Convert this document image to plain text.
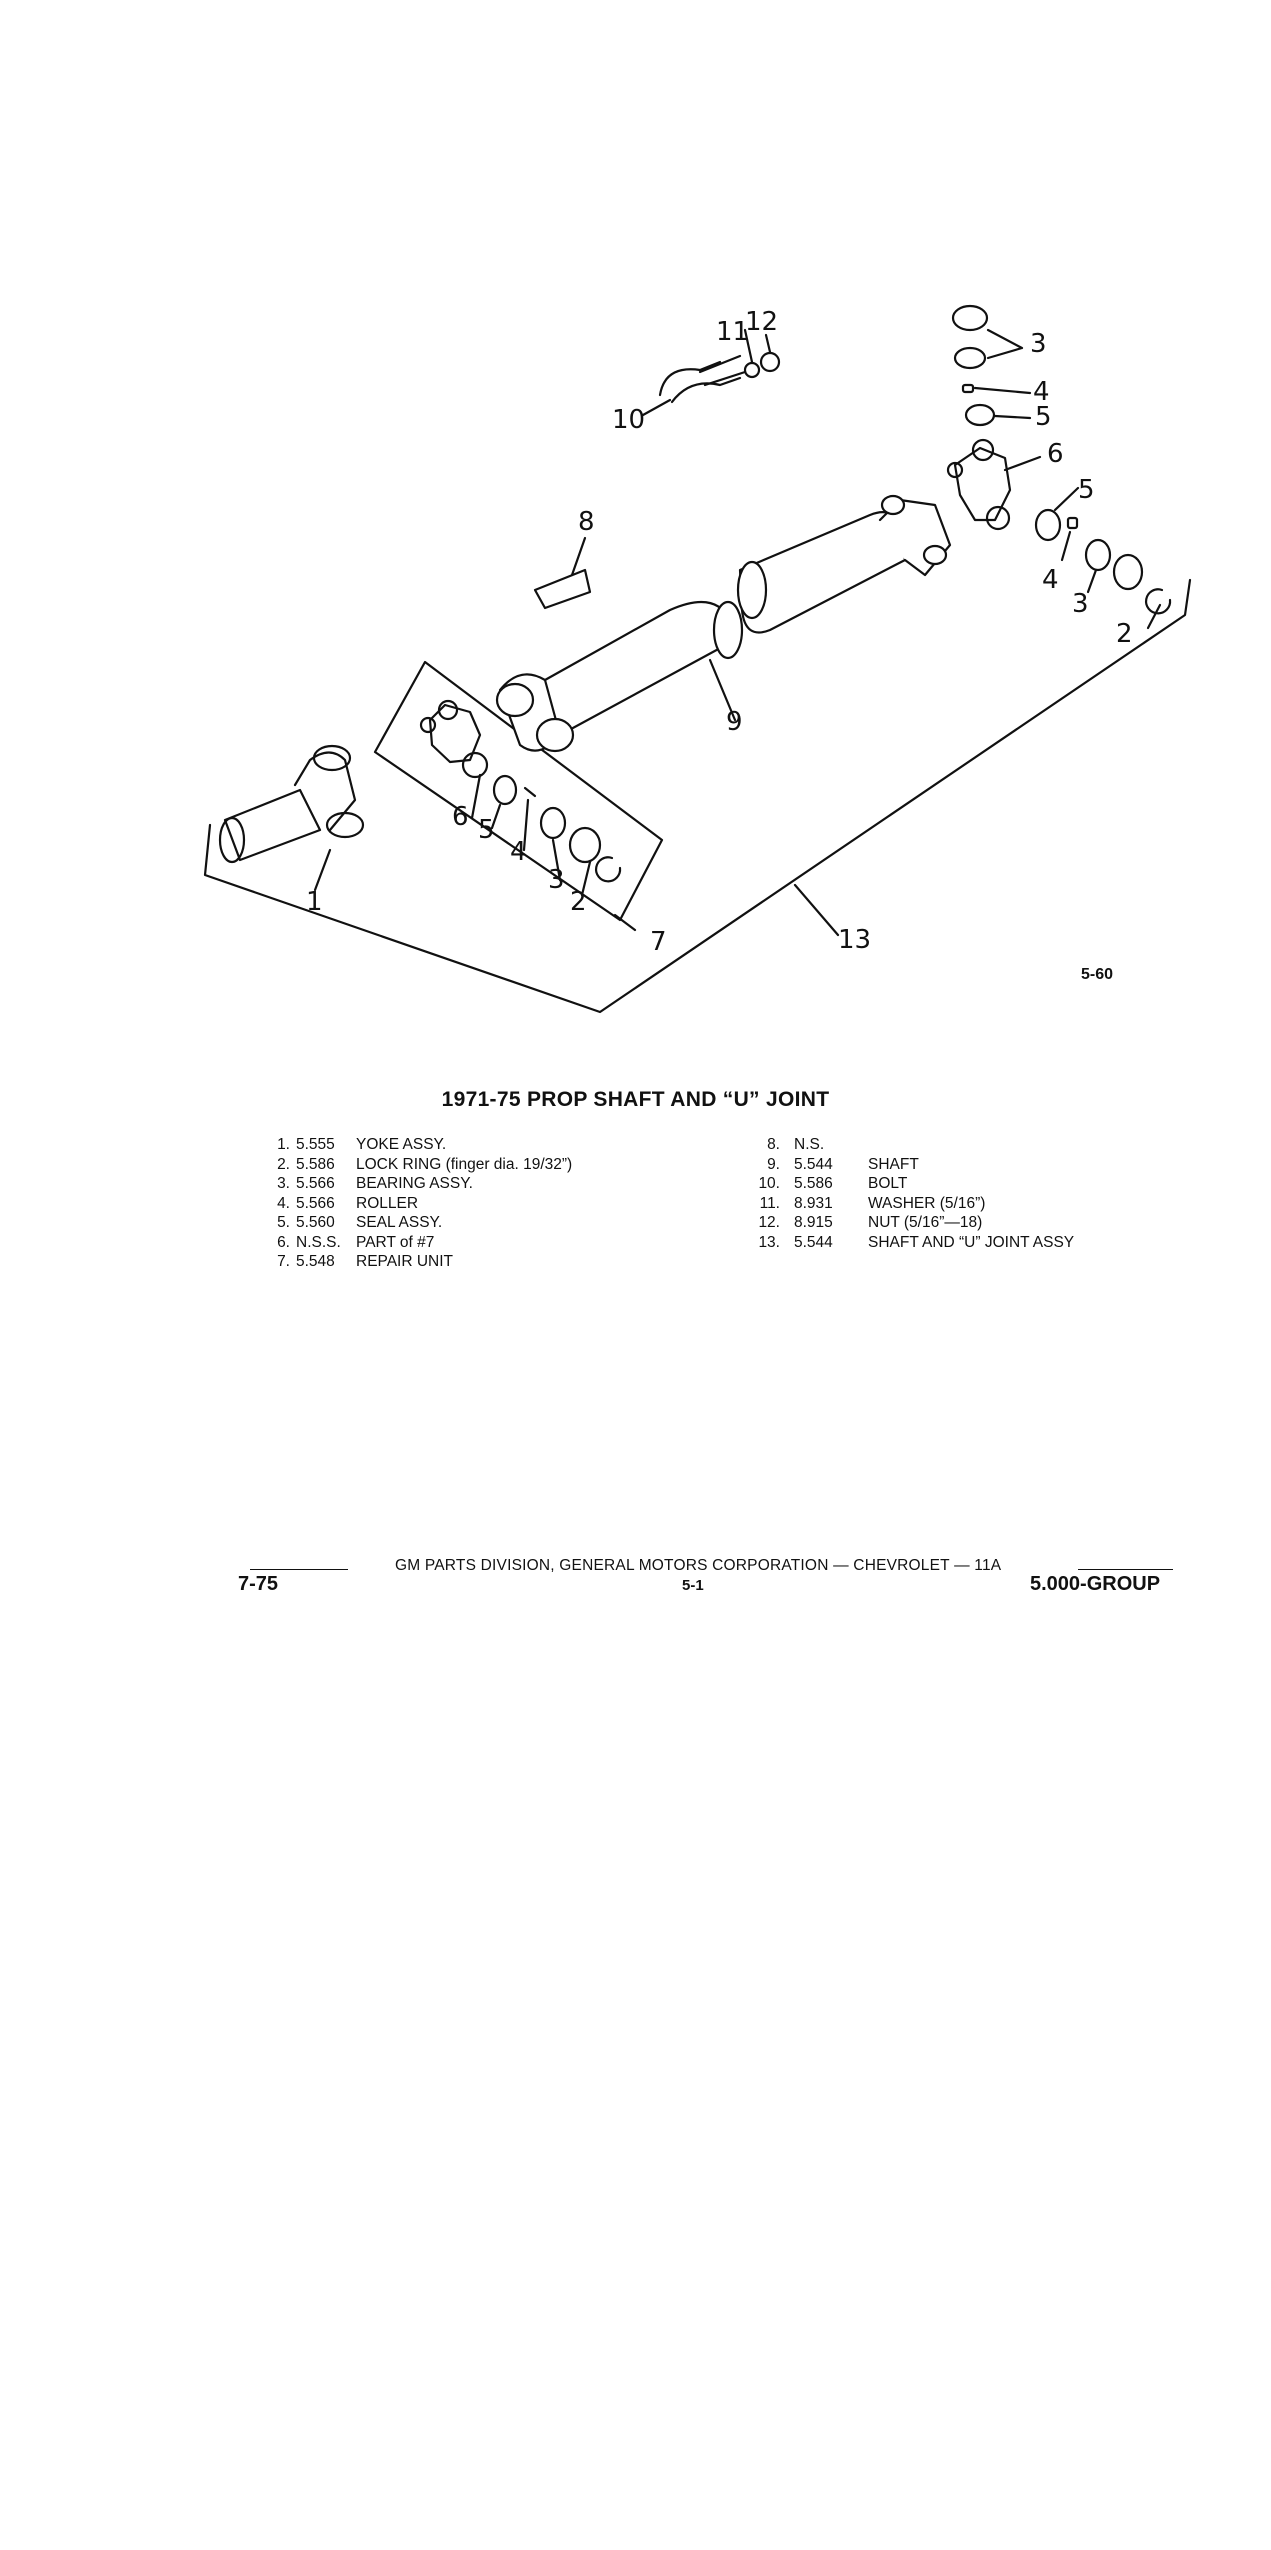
1
7	13
9
8
10
11
12
3
4
5
6
5
4
3
2
6 5
4
3
2
5-60
1971-75 PROP SHAFT AND “U” JOINT
1. 5.555 YOKE ASSY.
2. 5.586 LOCK RING (finger dia. 19/32”)
3. 5.566 BEARING ASSY.
4. 5.566 ROLLER
5. 5.560 SEAL ASSY.
6. N.S.S. PART of #7
7. 5.548 REPAIR UNIT
8. N.S.
9. 5.544 SHAFT
10. 5.586 BOLT
11. 8.931 WASHER (5/16”)
12. 8.915 NUT (5/16”—18)
13. 5.544 SHAFT AND “U” JOINT ASSY
GM PARTS DIVISION, GENERAL MOTORS CORPORATION — CHEVROLET — 11A
7-75	5-1	5.000-GROUP
